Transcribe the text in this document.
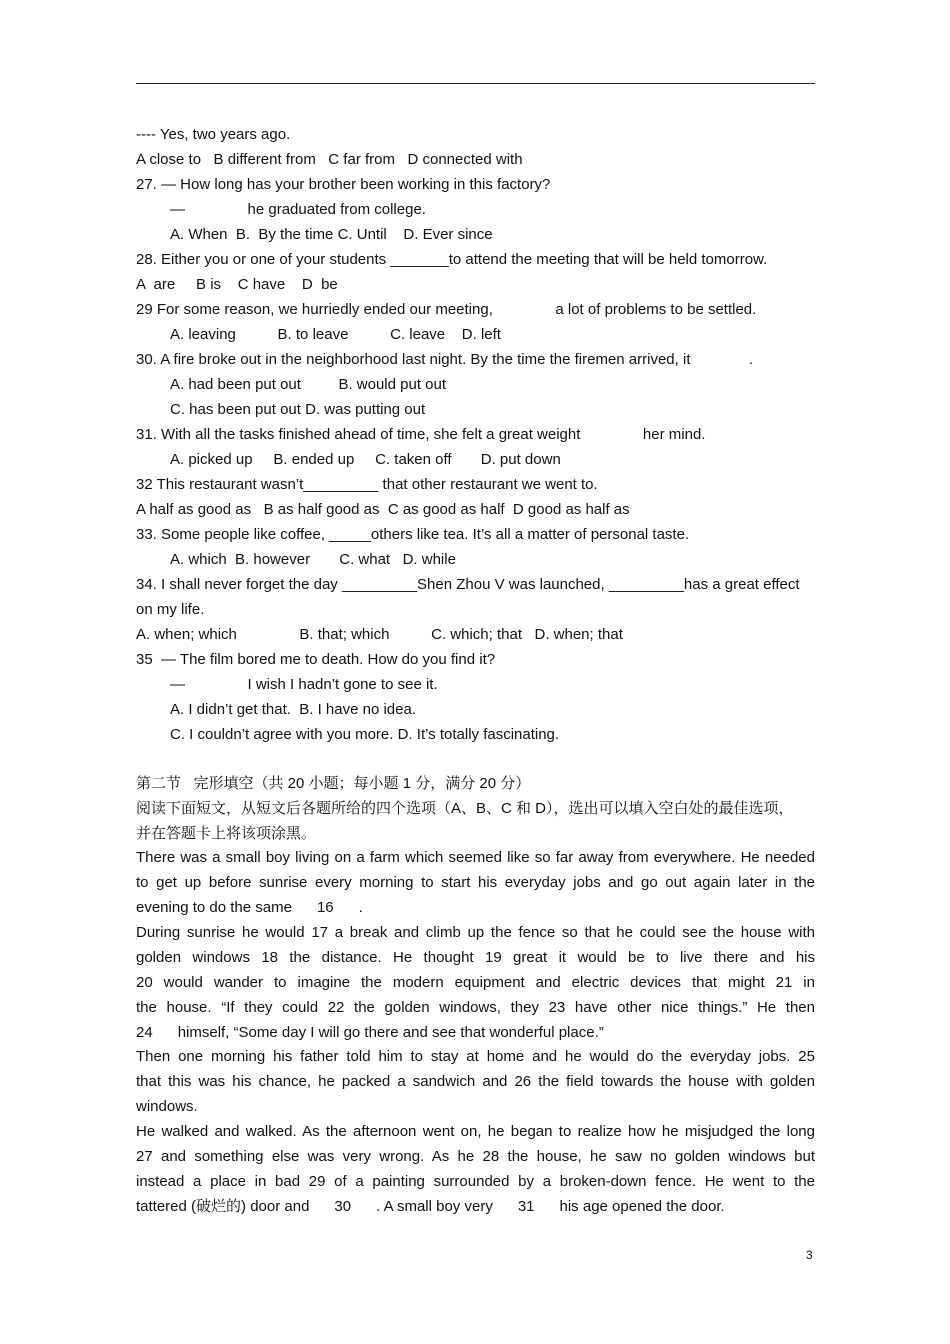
---- Yes, two years ago.
A close to   B different from   C far from   D connected with
27. — How long has your brother been working in this factory?
—               he graduated from college.
A. When  B.  By the time C. Until    D. Ever since
28. Either you or one of your students _______to attend the meeting that will be held tomorrow.
A  are     B is    C have    D  be
29 For some reason, we hurriedly ended our meeting,               a lot of problems to be settled.
A. leaving          B. to leave          C. leave    D. left
30. A fire broke out in the neighborhood last night. By the time the firemen arrived, it              .
A. had been put out         B. would put out
C. has been put out D. was putting out
31. With all the tasks finished ahead of time, she felt a great weight               her mind.
A. picked up     B. ended up     C. taken off       D. put down
32 This restaurant wasn’t_________ that other restaurant we went to.
A half as good as   B as half good as  C as good as half  D good as half as
33. Some people like coffee, _____others like tea. It’s all a matter of personal taste.
A. which  B. however       C. what   D. while
34. I shall never forget the day _________Shen Zhou V was launched, _________has a great effect
on my life.
A. when; which               B. that; which          C. which; that   D. when; that
35  — The film bored me to death. How do you find it?
—               I wish I hadn’t gone to see it.
A. I didn’t get that.  B. I have no idea.
C. I couldn’t agree with you more. D. It’s totally fascinating.
第二节   完形填空（共 20 小题；每小题 1 分，满分 20 分）
阅读下面短文，从短文后各题所给的四个选项（A、B、C 和 D），选出可以填入空白处的最佳选项，
并在答题卡上将该项涂黑。
There was a small boy living on a farm which seemed like so far away from everywhere. He needed
to get up before sunrise every morning to start his everyday jobs and go out again later in the
evening to do the same      16      .
During sunrise he would 17 a break and climb up the fence so that he could see the house with
golden windows 18 the distance. He thought 19 great it would be to live there and his
20 would wander to imagine the modern equipment and electric devices that might 21 in
the house. “If they could 22 the golden windows, they 23 have other nice things.” He then
24      himself, “Some day I will go there and see that wonderful place.”
Then one morning his father told him to stay at home and he would do the everyday jobs. 25
that this was his chance, he packed a sandwich and 26 the field towards the house with golden
windows.
He walked and walked. As the afternoon went on, he began to realize how he misjudged the long
27 and something else was very wrong. As he 28 the house, he saw no golden windows but
instead a place in bad 29 of a painting surrounded by a broken-down fence. He went to the
tattered (破烂的) door and      30      . A small boy very      31      his age opened the door.
3
